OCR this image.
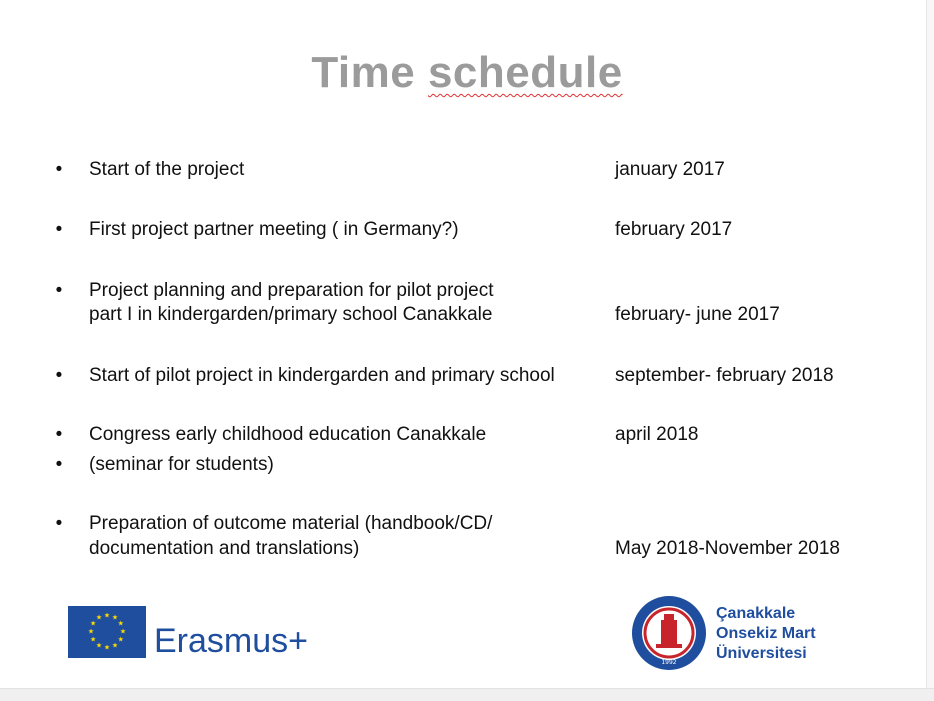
Time schedule
• Start of the project	january 2017
• First project partner meeting ( in Germany?)	february 2017
• Project planning and preparation for pilot project
part I in kindergarden/primary school Canakkale	february- june 2017
• Start of pilot project in kindergarden and primary school	september- february 2018
• Congress early childhood education Canakkale	april 2018
• (seminar for students)
• Preparation of outcome material (handbook/CD/
documentation and translations)	May 2018-November 2018
★ ★
★
★
★
★
★
★
★
★
★
★
Erasmus+
1992
Çanakkale
Onsekiz Mart
Üniversitesi
